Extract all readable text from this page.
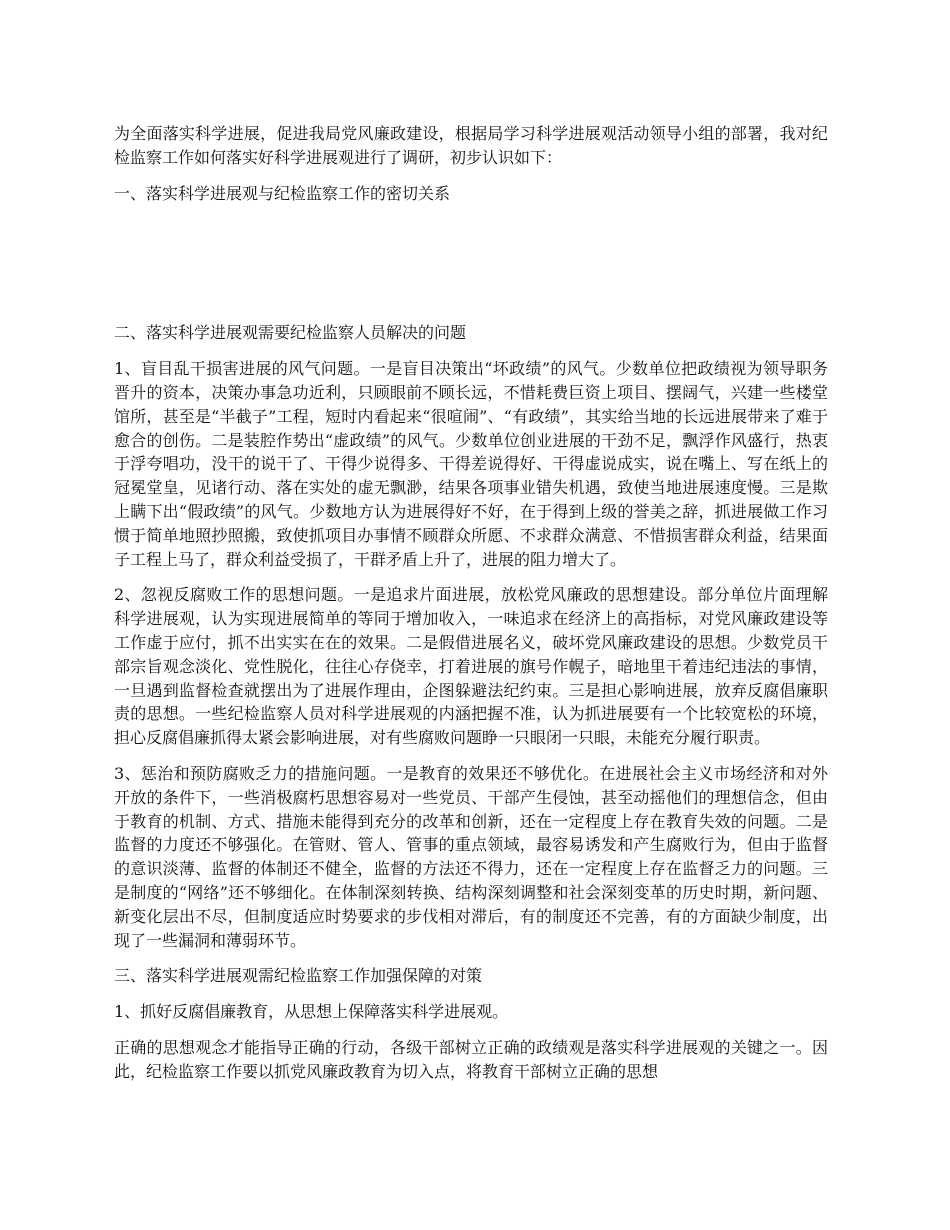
为全面落实科学进展，促进我局党风廉政建设，根据局学习科学进展观活动领导小组的部署，我对纪检监察工作如何落实好科学进展观进行了调研，初步认识如下：

一、落实科学进展观与纪检监察工作的密切关系

二、落实科学进展观需要纪检监察人员解决的问题

1、盲目乱干损害进展的风气问题。一是盲目决策出“坏政绩”的风气。少数单位把政绩视为领导职务晋升的资本，决策办事急功近利，只顾眼前不顾长远，不惜耗费巨资上项目、摆阔气，兴建一些楼堂馆所，甚至是“半截子”工程，短时内看起来“很喧闹”、“有政绩”，其实给当地的长远进展带来了难于愈合的创伤。二是装腔作势出“虚政绩”的风气。少数单位创业进展的干劲不足，飘浮作风盛行，热衷于浮夸唱功，没干的说干了、干得少说得多、干得差说得好、干得虚说成实，说在嘴上、写在纸上的冠冕堂皇，见诸行动、落在实处的虚无飘渺，结果各项事业错失机遇，致使当地进展速度慢。三是欺上瞒下出“假政绩”的风气。少数地方认为进展得好不好，在于得到上级的誉美之辞，抓进展做工作习惯于简单地照抄照搬，致使抓项目办事情不顾群众所愿、不求群众满意、不惜损害群众利益，结果面子工程上马了，群众利益受损了，干群矛盾上升了，进展的阻力增大了。

2、忽视反腐败工作的思想问题。一是追求片面进展，放松党风廉政的思想建设。部分单位片面理解科学进展观，认为实现进展简单的等同于增加收入，一味追求在经济上的高指标，对党风廉政建设等工作虚于应付，抓不出实实在在的效果。二是假借进展名义，破坏党风廉政建设的思想。少数党员干部宗旨观念淡化、党性脱化，往往心存侥幸，打着进展的旗号作幌子，暗地里干着违纪违法的事情，一旦遇到监督检查就摆出为了进展作理由，企图躲避法纪约束。三是担心影响进展，放弃反腐倡廉职责的思想。一些纪检监察人员对科学进展观的内涵把握不准，认为抓进展要有一个比较宽松的环境，担心反腐倡廉抓得太紧会影响进展，对有些腐败问题睁一只眼闭一只眼，未能充分履行职责。

3、惩治和预防腐败乏力的措施问题。一是教育的效果还不够优化。在进展社会主义市场经济和对外开放的条件下，一些消极腐朽思想容易对一些党员、干部产生侵蚀，甚至动摇他们的理想信念，但由于教育的机制、方式、措施未能得到充分的改革和创新，还在一定程度上存在教育失效的问题。二是监督的力度还不够强化。在管财、管人、管事的重点领域，最容易诱发和产生腐败行为，但由于监督的意识淡薄、监督的体制还不健全，监督的方法还不得力，还在一定程度上存在监督乏力的问题。三是制度的“网络”还不够细化。在体制深刻转换、结构深刻调整和社会深刻变革的历史时期，新问题、新变化层出不尽，但制度适应时势要求的步伐相对滞后，有的制度还不完善，有的方面缺少制度，出现了一些漏洞和薄弱环节。

三、落实科学进展观需纪检监察工作加强保障的对策

1、抓好反腐倡廉教育，从思想上保障落实科学进展观。

正确的思想观念才能指导正确的行动，各级干部树立正确的政绩观是落实科学进展观的关键之一。因此，纪检监察工作要以抓党风廉政教育为切入点，将教育干部树立正确的思想
